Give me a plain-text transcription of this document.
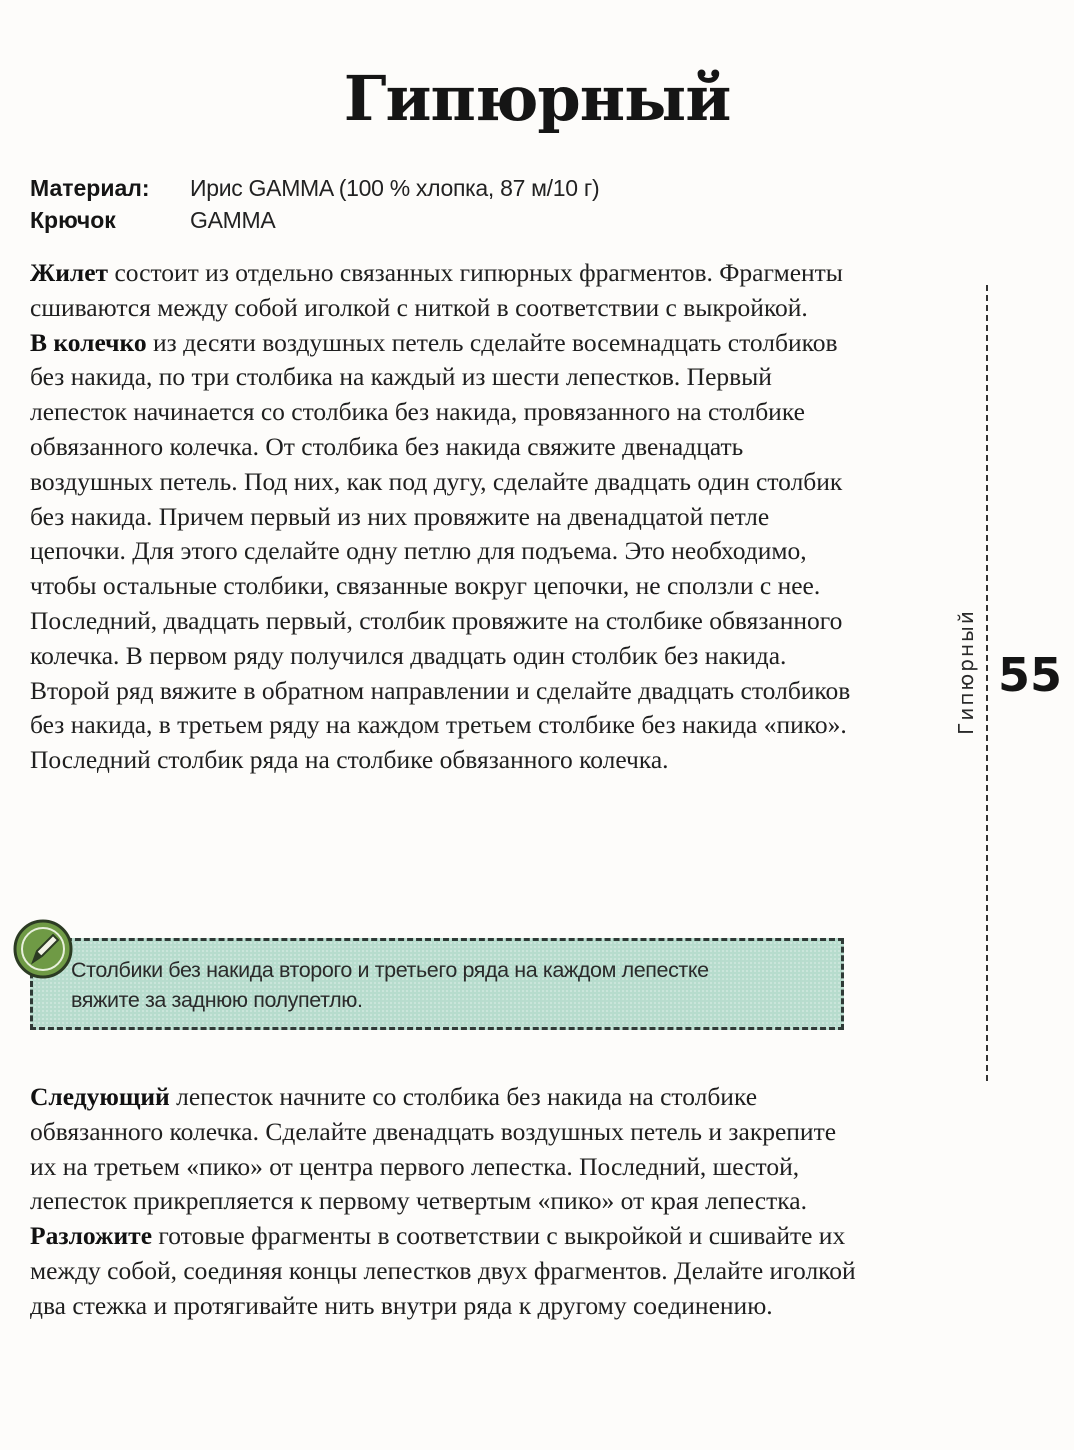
Гипюрный
Материал:	Ирис GAMMA (100 % хлопка, 87 м/10 г)
Крючок	GAMMA

Жилет состоит из отдельно связанных гипюрных фрагментов. Фрагменты сшиваются между собой иголкой с ниткой в соответствии с выкройкой.

В колечко из десяти воздушных петель сделайте восемнадцать столбиков без накида, по три столбика на каждый из шести лепестков. Первый лепесток начинается со столбика без накида, провязанного на столбике обвязанного колечка. От столбика без накида свяжите двенадцать воздушных петель. Под них, как под дугу, сделайте двадцать один столбик без накида. Причем первый из них провяжите на двенадцатой петле цепочки. Для этого сделайте одну петлю для подъема. Это необходимо, чтобы остальные столбики, связанные вокруг цепочки, не сползли с нее. Последний, двадцать первый, столбик провяжите на столбике обвязанного колечка. В первом ряду получился двадцать один столбик без накида. Второй ряд вяжите в обратном направлении и сделайте двадцать столбиков без накида, в третьем ряду на каждом третьем столбике без накида «пико». Последний столбик ряда на столбике обвязанного колечка.

Столбики без накида второго и третьего ряда на каждом лепестке вяжите за заднюю полупетлю.

Следующий лепесток начните со столбика без накида на столбике обвязанного колечка. Сделайте двенадцать воздушных петель и закрепите их на третьем «пико» от центра первого лепестка. Последний, шестой, лепесток прикрепляется к первому четвертым «пико» от края лепестка.

Разложите готовые фрагменты в соответствии с выкройкой и сшивайте их между собой, соединяя концы лепестков двух фрагментов. Делайте иголкой два стежка и протягивайте нить внутри ряда к другому соединению.

Гипюрный 55
